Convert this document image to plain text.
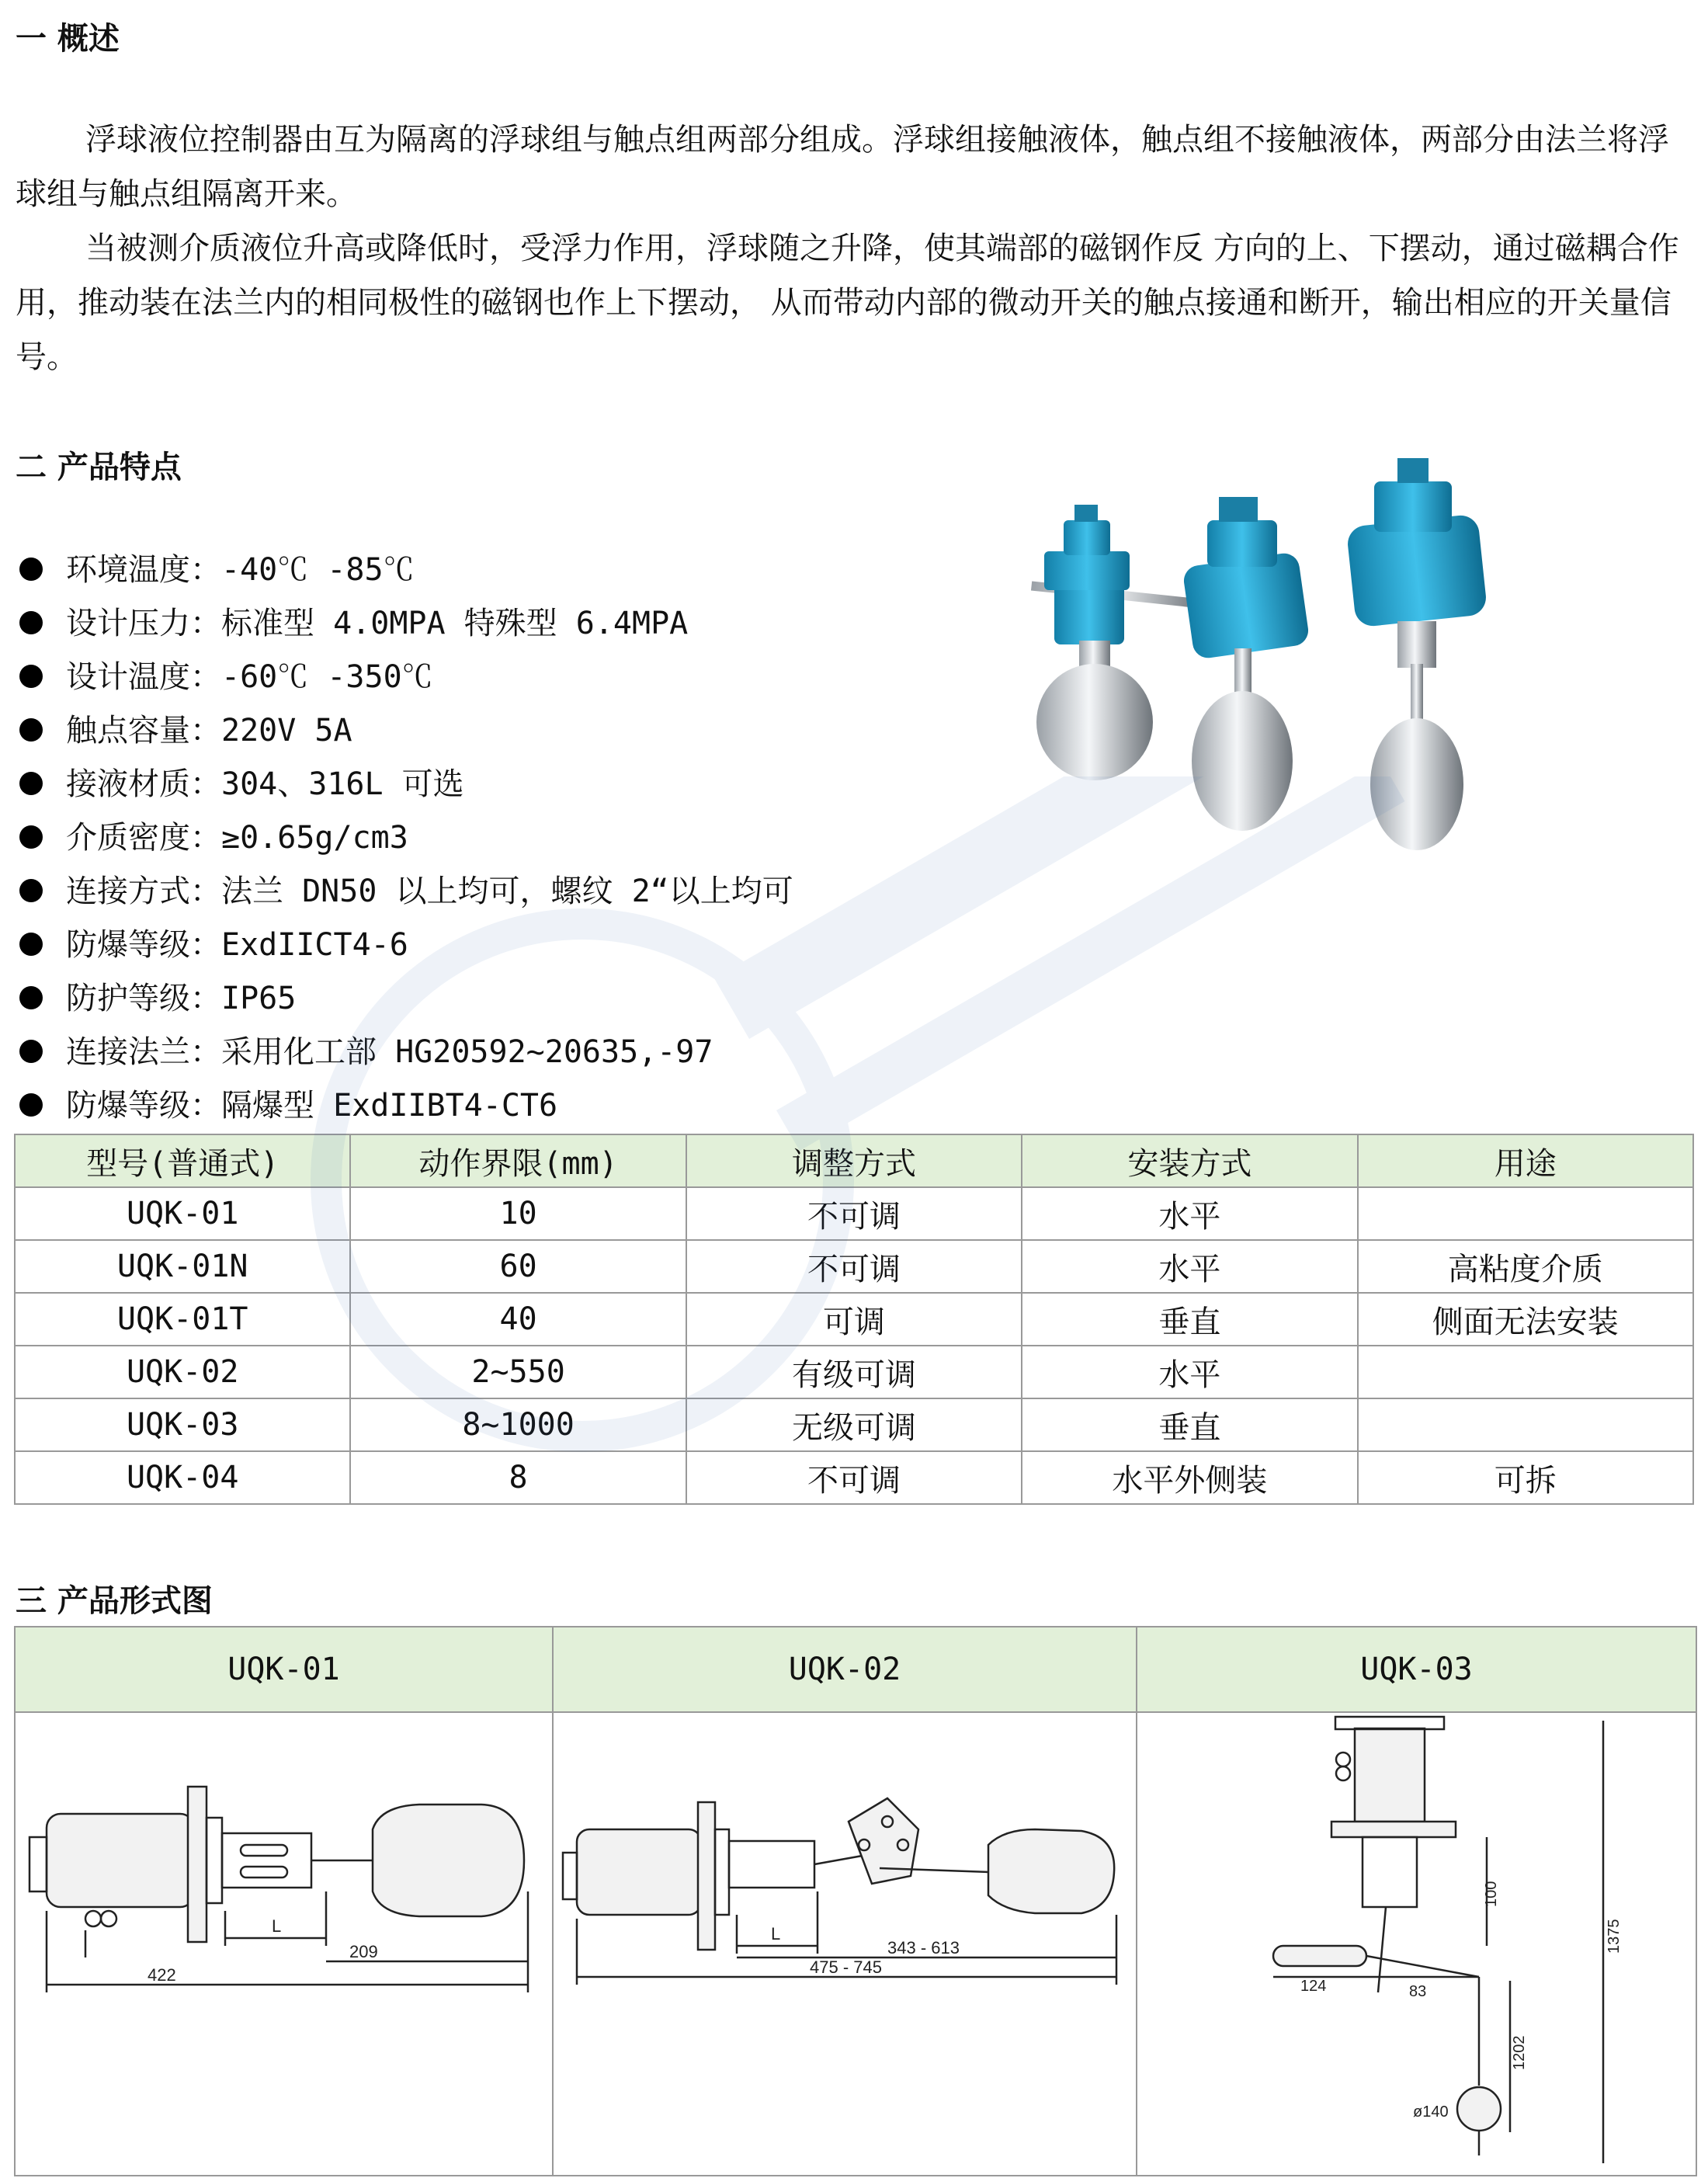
一 概述

浮球液位控制器由互为隔离的浮球组与触点组两部分组成。浮球组接触液体，触点组不接触液体，两部分由法兰将浮球组与触点组隔离开来。

当被测介质液位升高或降低时，受浮力作用，浮球随之升降，使其端部的磁钢作反 方向的上、下摆动，通过磁耦合作用，推动装在法兰内的相同极性的磁钢也作上下摆动， 从而带动内部的微动开关的触点接通和断开，输出相应的开关量信号。

二 产品特点
环境温度：-40℃ -85℃
设计压力：标准型 4.0MPA 特殊型 6.4MPA
设计温度：-60℃ -350℃
触点容量：220V 5A
接液材质：304、316L 可选
介质密度：≥0.65g/cm3
连接方式：法兰 DN50 以上均可，螺纹 2“以上均可
防爆等级：ExdIICT4-6
防护等级：IP65
连接法兰：采用化工部 HG20592~20635,-97
防爆等级：隔爆型 ExdIIBT4-CT6
型号(普通式)	动作界限(mm)	调整方式	安装方式	用途
UQK-01	10	不可调	水平	
UQK-01N	60	不可调	水平	高粘度介质
UQK-01T	40	可调	垂直	侧面无法安装
UQK-02	2~550	有级可调	水平	
UQK-03	8~1000	无级可调	垂直	
UQK-04	8	不可调	水平外侧装	可拆
三 产品形式图
UQK-01	UQK-02	UQK-03
L
209
422
L
343 - 613
475 - 745
100
1375
124	83
1202
ø140
